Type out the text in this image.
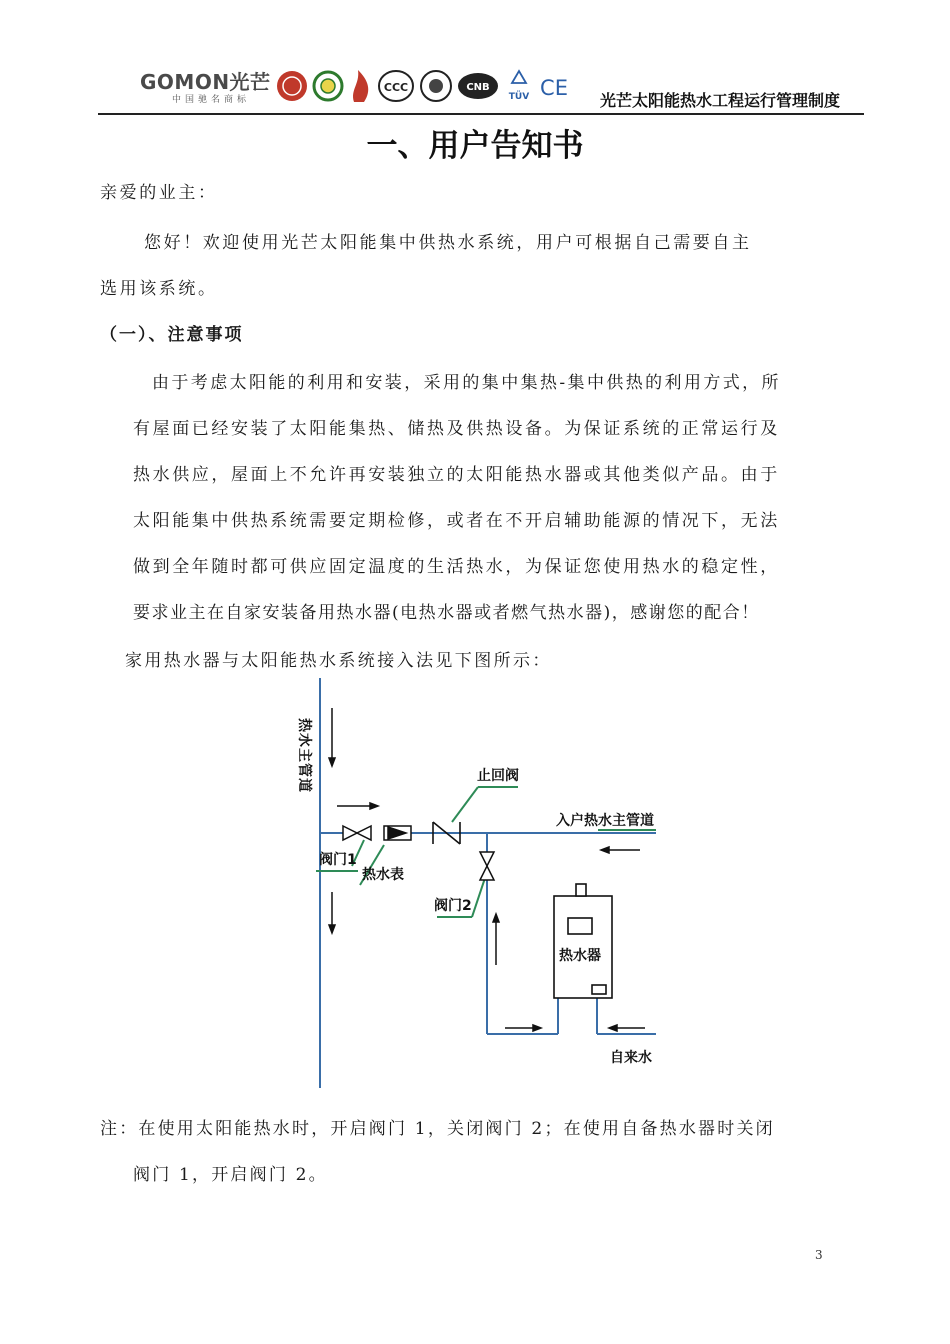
GOMON光芒
中国驰名商标
CCC	CNB
TÜV CE
光芒太阳能热水工程运行管理制度
一、用户告知书
亲爱的业主：
您好！欢迎使用光芒太阳能集中供热水系统，用户可根据自己需要自主
选用该系统。
（一）、注意事项
由于考虑太阳能的利用和安装，采用的集中集热-集中供热的利用方式，所
有屋面已经安装了太阳能集热、储热及供热设备。为保证系统的正常运行及
热水供应，屋面上不允许再安装独立的太阳能热水器或其他类似产品。由于
太阳能集中供热系统需要定期检修，或者在不开启辅助能源的情况下，无法
做到全年随时都可供应固定温度的生活热水，为保证您使用热水的稳定性，
要求业主在自家安装备用热水器(电热水器或者燃气热水器)，感谢您的配合！
家用热水器与太阳能热水系统接入法见下图所示：
热水主管道	止回阀
入户热水主管道
阀门1
热水表
阀门2
热水器
自来水
注：在使用太阳能热水时，开启阀门 1，关闭阀门 2；在使用自备热水器时关闭
阀门 1，开启阀门 2。
3
